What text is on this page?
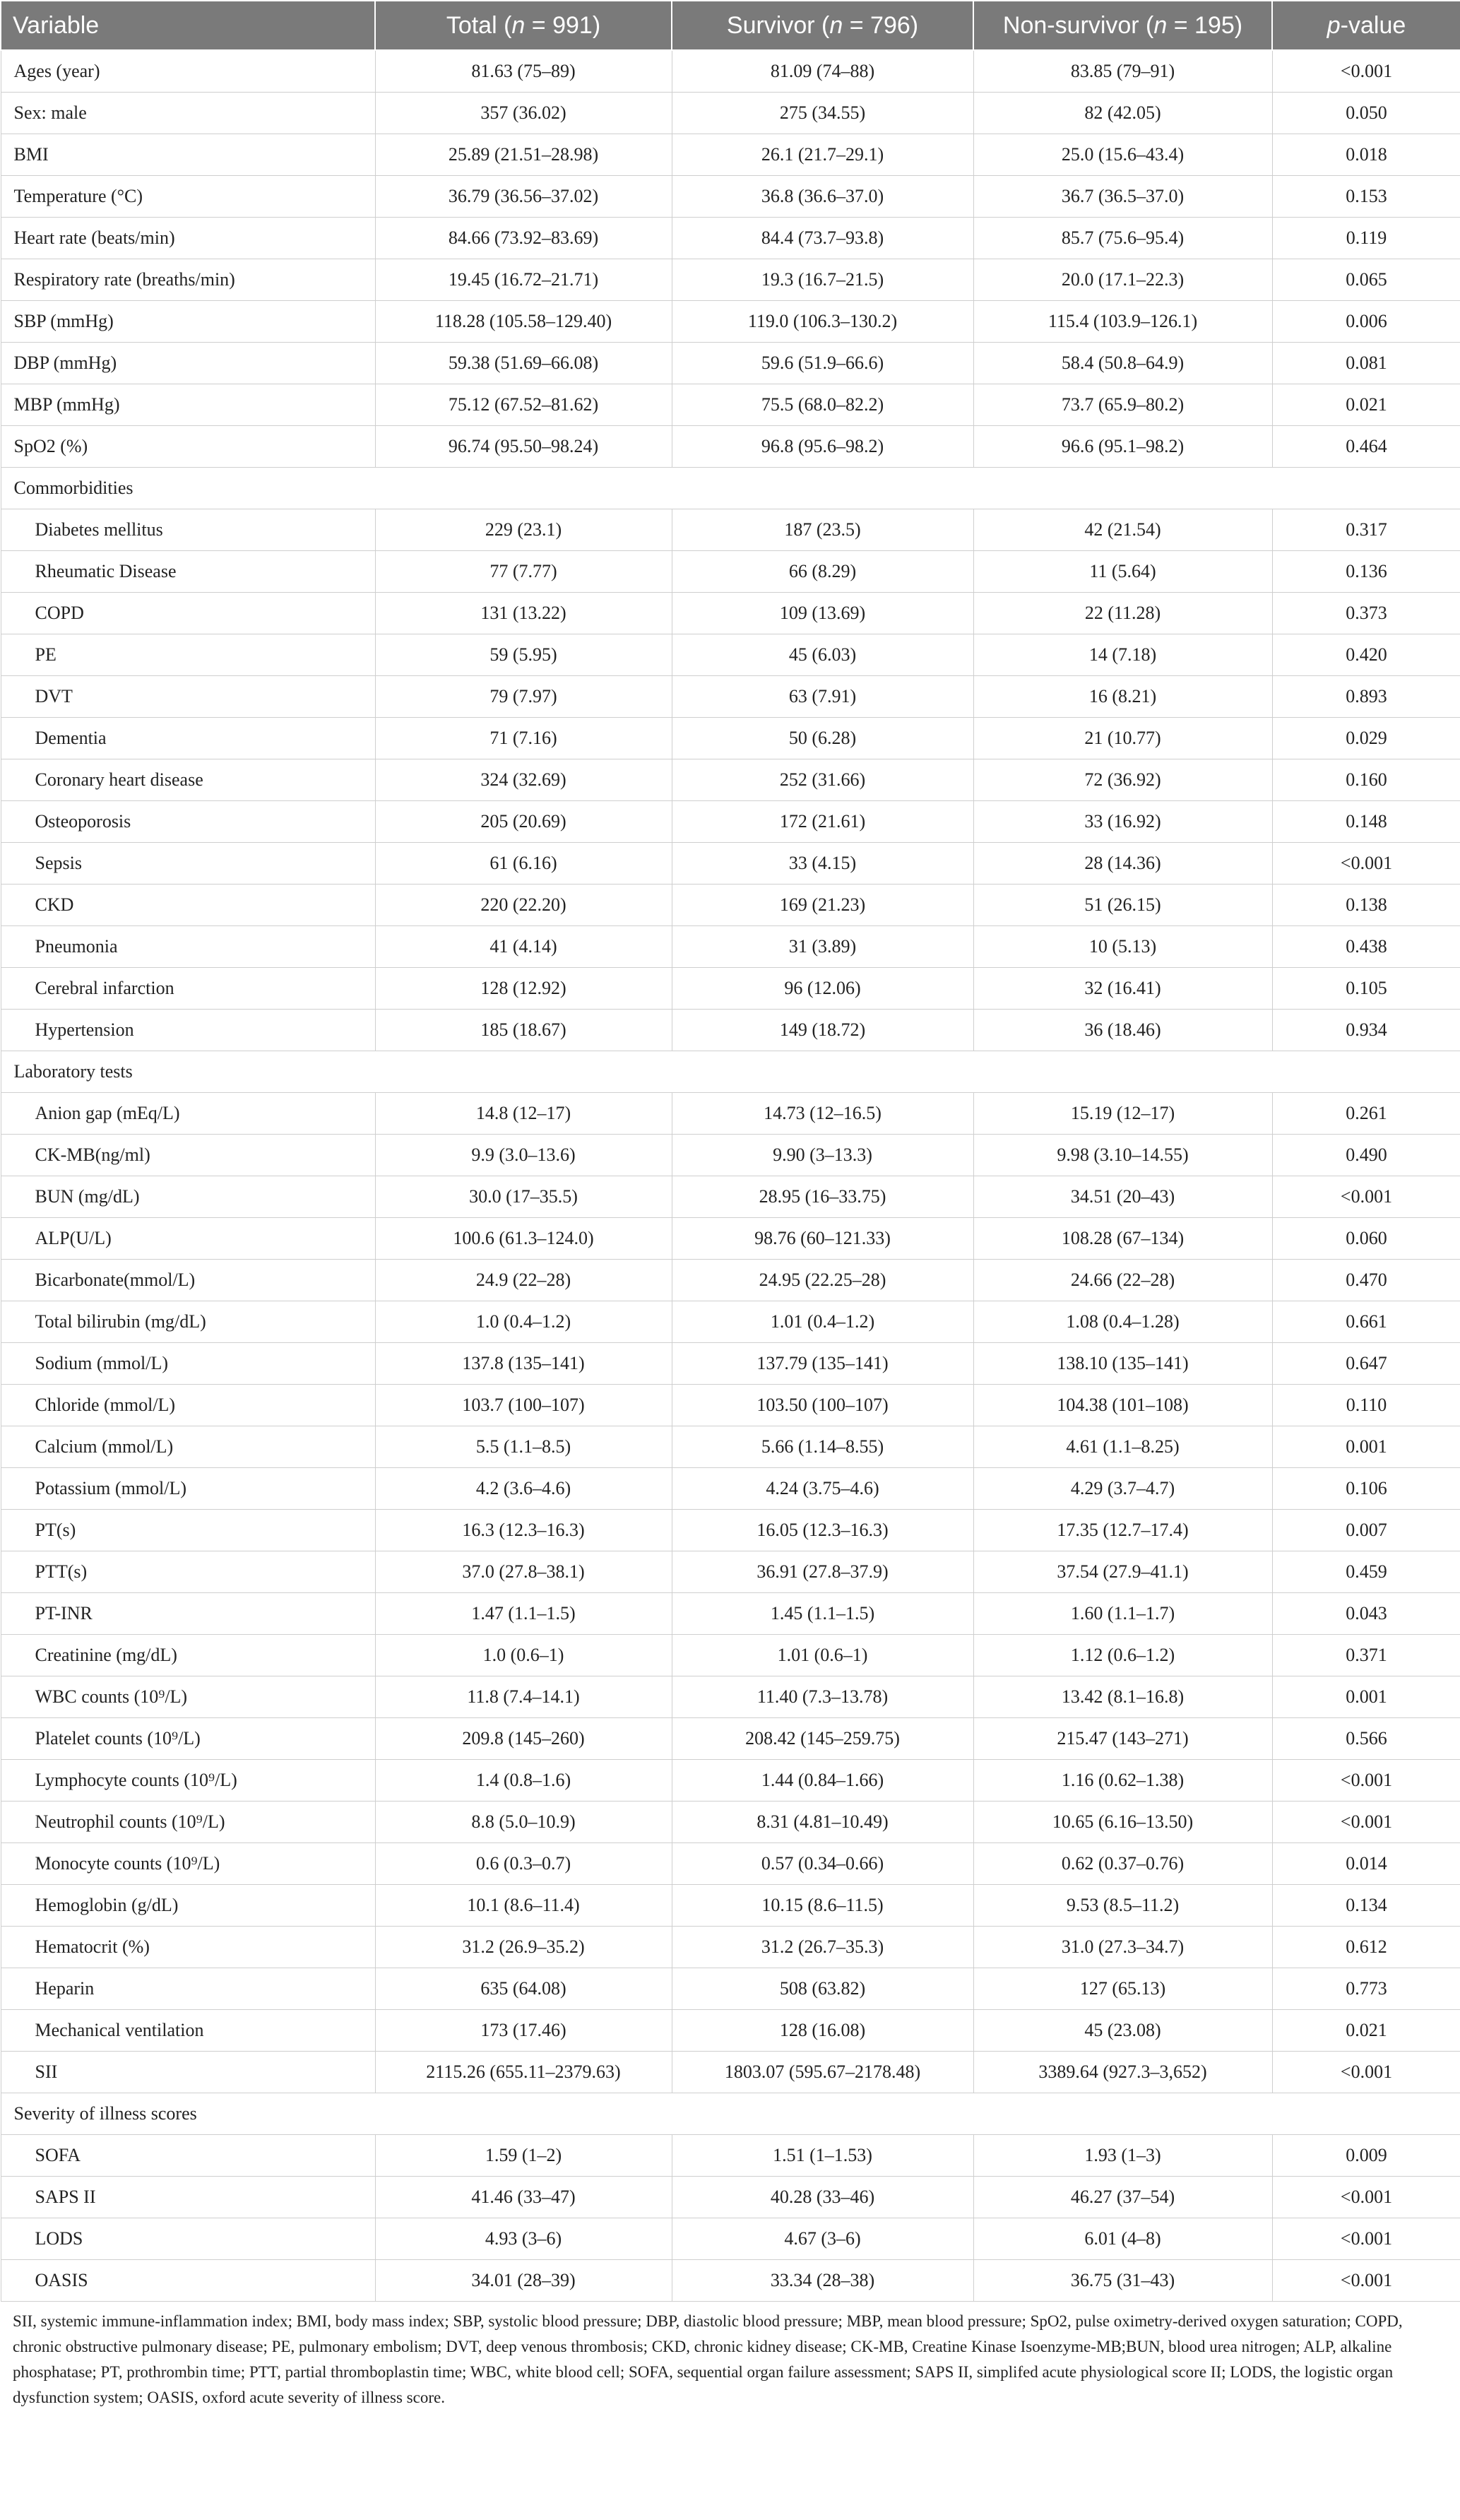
Variable	Total (n = 991)	Survivor (n = 796)	Non-survivor (n = 195)	p-value
Ages (year)	81.63 (75–89)	81.09 (74–88)	83.85 (79–91)	<0.001
Sex: male	357 (36.02)	275 (34.55)	82 (42.05)	0.050
BMI	25.89 (21.51–28.98)	26.1 (21.7–29.1)	25.0 (15.6–43.4)	0.018
Temperature (°C)	36.79 (36.56–37.02)	36.8 (36.6–37.0)	36.7 (36.5–37.0)	0.153
Heart rate (beats/min)	84.66 (73.92–83.69)	84.4 (73.7–93.8)	85.7 (75.6–95.4)	0.119
Respiratory rate (breaths/min)	19.45 (16.72–21.71)	19.3 (16.7–21.5)	20.0 (17.1–22.3)	0.065
SBP (mmHg)	118.28 (105.58–129.40)	119.0 (106.3–130.2)	115.4 (103.9–126.1)	0.006
DBP (mmHg)	59.38 (51.69–66.08)	59.6 (51.9–66.6)	58.4 (50.8–64.9)	0.081
MBP (mmHg)	75.12 (67.52–81.62)	75.5 (68.0–82.2)	73.7 (65.9–80.2)	0.021
SpO2 (%)	96.74 (95.50–98.24)	96.8 (95.6–98.2)	96.6 (95.1–98.2)	0.464
Commorbidities				
Diabetes mellitus	229 (23.1)	187 (23.5)	42 (21.54)	0.317
Rheumatic Disease	77 (7.77)	66 (8.29)	11 (5.64)	0.136
COPD	131 (13.22)	109 (13.69)	22 (11.28)	0.373
PE	59 (5.95)	45 (6.03)	14 (7.18)	0.420
DVT	79 (7.97)	63 (7.91)	16 (8.21)	0.893
Dementia	71 (7.16)	50 (6.28)	21 (10.77)	0.029
Coronary heart disease	324 (32.69)	252 (31.66)	72 (36.92)	0.160
Osteoporosis	205 (20.69)	172 (21.61)	33 (16.92)	0.148
Sepsis	61 (6.16)	33 (4.15)	28 (14.36)	<0.001
CKD	220 (22.20)	169 (21.23)	51 (26.15)	0.138
Pneumonia	41 (4.14)	31 (3.89)	10 (5.13)	0.438
Cerebral infarction	128 (12.92)	96 (12.06)	32 (16.41)	0.105
Hypertension	185 (18.67)	149 (18.72)	36 (18.46)	0.934
Laboratory tests				
Anion gap (mEq/L)	14.8 (12–17)	14.73 (12–16.5)	15.19 (12–17)	0.261
CK-MB(ng/ml)	9.9 (3.0–13.6)	9.90 (3–13.3)	9.98 (3.10–14.55)	0.490
BUN (mg/dL)	30.0 (17–35.5)	28.95 (16–33.75)	34.51 (20–43)	<0.001
ALP(U/L)	100.6 (61.3–124.0)	98.76 (60–121.33)	108.28 (67–134)	0.060
Bicarbonate(mmol/L)	24.9 (22–28)	24.95 (22.25–28)	24.66 (22–28)	0.470
Total bilirubin (mg/dL)	1.0 (0.4–1.2)	1.01 (0.4–1.2)	1.08 (0.4–1.28)	0.661
Sodium (mmol/L)	137.8 (135–141)	137.79 (135–141)	138.10 (135–141)	0.647
Chloride (mmol/L)	103.7 (100–107)	103.50 (100–107)	104.38 (101–108)	0.110
Calcium (mmol/L)	5.5 (1.1–8.5)	5.66 (1.14–8.55)	4.61 (1.1–8.25)	0.001
Potassium (mmol/L)	4.2 (3.6–4.6)	4.24 (3.75–4.6)	4.29 (3.7–4.7)	0.106
PT(s)	16.3 (12.3–16.3)	16.05 (12.3–16.3)	17.35 (12.7–17.4)	0.007
PTT(s)	37.0 (27.8–38.1)	36.91 (27.8–37.9)	37.54 (27.9–41.1)	0.459
PT-INR	1.47 (1.1–1.5)	1.45 (1.1–1.5)	1.60 (1.1–1.7)	0.043
Creatinine (mg/dL)	1.0 (0.6–1)	1.01 (0.6–1)	1.12 (0.6–1.2)	0.371
WBC counts (10⁹/L)	11.8 (7.4–14.1)	11.40 (7.3–13.78)	13.42 (8.1–16.8)	0.001
Platelet counts (10⁹/L)	209.8 (145–260)	208.42 (145–259.75)	215.47 (143–271)	0.566
Lymphocyte counts (10⁹/L)	1.4 (0.8–1.6)	1.44 (0.84–1.66)	1.16 (0.62–1.38)	<0.001
Neutrophil counts (10⁹/L)	8.8 (5.0–10.9)	8.31 (4.81–10.49)	10.65 (6.16–13.50)	<0.001
Monocyte counts (10⁹/L)	0.6 (0.3–0.7)	0.57 (0.34–0.66)	0.62 (0.37–0.76)	0.014
Hemoglobin (g/dL)	10.1 (8.6–11.4)	10.15 (8.6–11.5)	9.53 (8.5–11.2)	0.134
Hematocrit (%)	31.2 (26.9–35.2)	31.2 (26.7–35.3)	31.0 (27.3–34.7)	0.612
Heparin	635 (64.08)	508 (63.82)	127 (65.13)	0.773
Mechanical ventilation	173 (17.46)	128 (16.08)	45 (23.08)	0.021
SII	2115.26 (655.11–2379.63)	1803.07 (595.67–2178.48)	3389.64 (927.3–3,652)	<0.001
Severity of illness scores				
SOFA	1.59 (1–2)	1.51 (1–1.53)	1.93 (1–3)	0.009
SAPS II	41.46 (33–47)	40.28 (33–46)	46.27 (37–54)	<0.001
LODS	4.93 (3–6)	4.67 (3–6)	6.01 (4–8)	<0.001
OASIS	34.01 (28–39)	33.34 (28–38)	36.75 (31–43)	<0.001
SII, systemic immune-inflammation index; BMI, body mass index; SBP, systolic blood pressure; DBP, diastolic blood pressure; MBP, mean blood pressure; SpO2, pulse oximetry-derived oxygen saturation; COPD, chronic obstructive pulmonary disease; PE, pulmonary embolism; DVT, deep venous thrombosis; CKD, chronic kidney disease; CK-MB, Creatine Kinase Isoenzyme-MB;BUN, blood urea nitrogen; ALP, alkaline phosphatase; PT, prothrombin time; PTT, partial thromboplastin time; WBC, white blood cell; SOFA, sequential organ failure assessment; SAPS II, simplifed acute physiological score II; LODS, the logistic organ dysfunction system; OASIS, oxford acute severity of illness score.
